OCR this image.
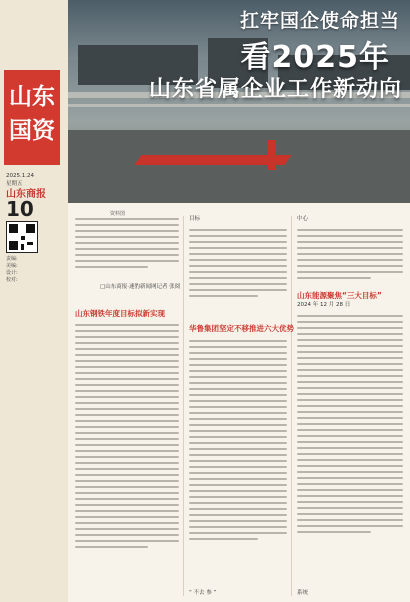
山东
国资
2025.1.24
星期五
山东商报
10
责编:
美编:
设计:
校对:
扛牢国企使命担当
看2025年
山东省属企业工作新动向
资料图
□山东商报·速豹新闻网记者 张阅
山东钢铁年度目标拟新实现
目标
华鲁集团坚定不移推进六大优势
“ 不去 参 ”
中心
山东能源聚焦“三大目标”
2024 年 12 月 28 日
系统
